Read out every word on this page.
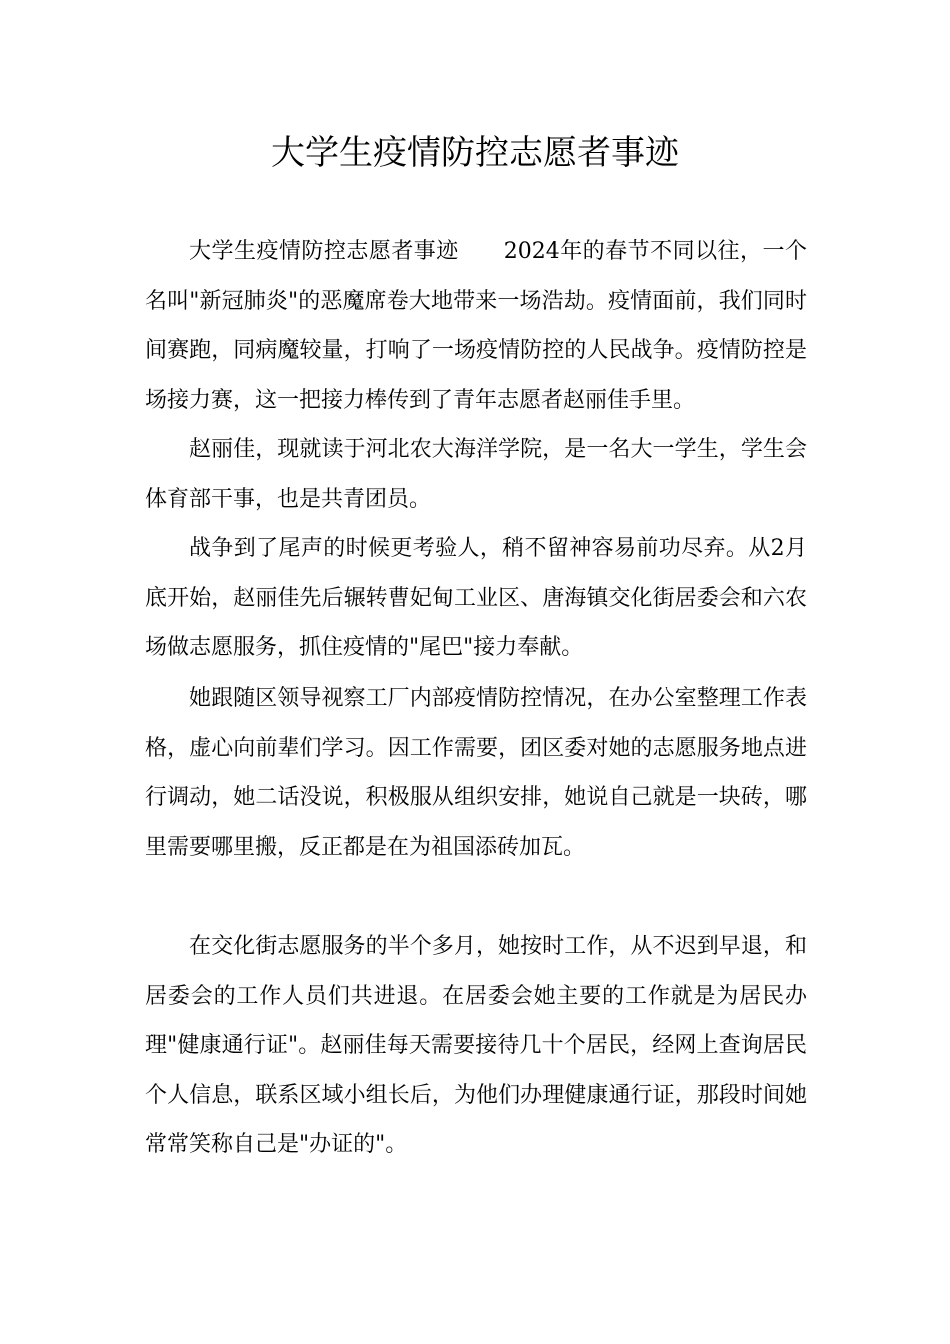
大学生疫情防控志愿者事迹

大学生疫情防控志愿者事迹　　2024年的春节不同以往，一个名叫"新冠肺炎"的恶魔席卷大地带来一场浩劫。疫情面前，我们同时间赛跑，同病魔较量，打响了一场疫情防控的人民战争。疫情防控是场接力赛，这一把接力棒传到了青年志愿者赵丽佳手里。

赵丽佳，现就读于河北农大海洋学院，是一名大一学生，学生会体育部干事，也是共青团员。

战争到了尾声的时候更考验人，稍不留神容易前功尽弃。从2月底开始，赵丽佳先后辗转曹妃甸工业区、唐海镇交化街居委会和六农场做志愿服务，抓住疫情的"尾巴"接力奉献。

她跟随区领导视察工厂内部疫情防控情况，在办公室整理工作表格，虚心向前辈们学习。因工作需要，团区委对她的志愿服务地点进行调动，她二话没说，积极服从组织安排，她说自己就是一块砖，哪里需要哪里搬，反正都是在为祖国添砖加瓦。

在交化街志愿服务的半个多月，她按时工作，从不迟到早退，和居委会的工作人员们共进退。在居委会她主要的工作就是为居民办理"健康通行证"。赵丽佳每天需要接待几十个居民，经网上查询居民个人信息，联系区域小组长后，为他们办理健康通行证，那段时间她常常笑称自己是"办证的"。
